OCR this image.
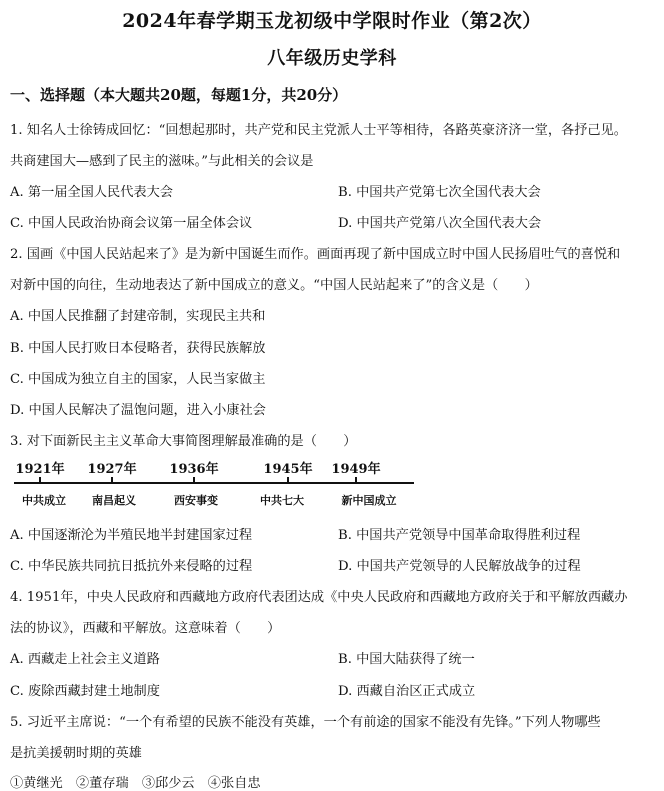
2024年春学期玉龙初级中学限时作业（第2次）
八年级历史学科
一、选择题（本大题共20题，每题1分，共20分）
1. 知名人士徐铸成回忆：“回想起那时，共产党和民主党派人士平等相待，各路英豪济济一堂，各抒己见。
共商建国大—感到了民主的滋味。”与此相关的会议是
A. 第一届全国人民代表大会	B. 中国共产党第七次全国代表大会
C. 中国人民政治协商会议第一届全体会议	D. 中国共产党第八次全国代表大会
2. 国画《中国人民站起来了》是为新中国诞生而作。画面再现了新中国成立时中国人民扬眉吐气的喜悦和
对新中国的向往，生动地表达了新中国成立的意义。“中国人民站起来了”的含义是（　　）
A. 中国人民推翻了封建帝制，实现民主共和
B. 中国人民打败日本侵略者，获得民族解放
C. 中国成为独立自主的国家，人民当家做主
D. 中国人民解决了温饱问题，进入小康社会
3. 对下面新民主主义革命大事简图理解最准确的是（　　）
1921年 1927年	1936年	1945年 1949年
中共成立 南昌起义	西安事变	中共七大	新中国成立
A. 中国逐渐沦为半殖民地半封建国家过程	B. 中国共产党领导中国革命取得胜利过程
C. 中华民族共同抗日抵抗外来侵略的过程	D. 中国共产党领导的人民解放战争的过程
4. 1951年，中央人民政府和西藏地方政府代表团达成《中央人民政府和西藏地方政府关于和平解放西藏办
法的协议》，西藏和平解放。这意味着（　　）
A. 西藏走上社会主义道路	B. 中国大陆获得了统一
C. 废除西藏封建土地制度	D. 西藏自治区正式成立
5. 习近平主席说：“一个有希望的民族不能没有英雄，一个有前途的国家不能没有先锋。”下列人物哪些
是抗美援朝时期的英雄
①黄继光　②董存瑞　③邱少云　④张自忠
